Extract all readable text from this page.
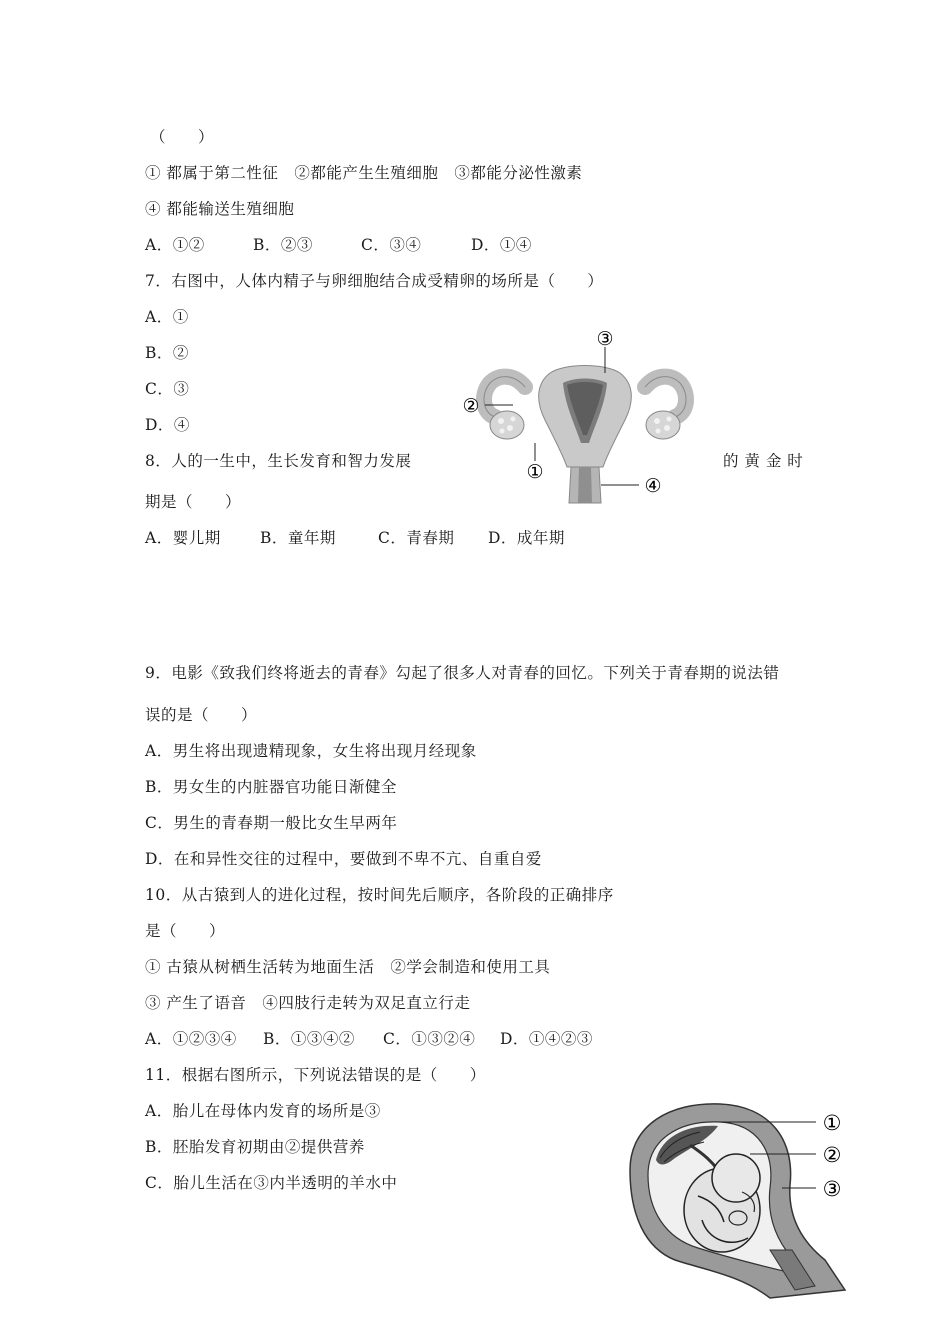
（　　）
① 都属于第二性征　②都能产生生殖细胞　③都能分泌性激素
④ 都能输送生殖细胞
A．①②	B．②③	C．③④	D．①④
7．右图中，人体内精子与卵细胞结合成受精卵的场所是（　　）
A．①
B．②
C．③
D．④
8．人的一生中，生长发育和智力发展	的 黄 金 时
期是（　　）
A．婴儿期	B．童年期	C．青春期 D．成年期
③
②
①
④
9．电影《致我们终将逝去的青春》勾起了很多人对青春的回忆。下列关于青春期的说法错
误的是（　　）
A．男生将出现遗精现象，女生将出现月经现象
B．男女生的内脏器官功能日渐健全
C．男生的青春期一般比女生早两年
D．在和异性交往的过程中，要做到不卑不亢、自重自爱
10．从古猿到人的进化过程，按时间先后顺序，各阶段的正确排序
是（　　）
① 古猿从树栖生活转为地面生活　②学会制造和使用工具
③ 产生了语音　④四肢行走转为双足直立行走
A．①②③④ B．①③④② C．①③②④ D．①④②③
11．根据右图所示，下列说法错误的是（　　）
A．胎儿在母体内发育的场所是③
B．胚胎发育初期由②提供营养
C．胎儿生活在③内半透明的羊水中
①
②
③
